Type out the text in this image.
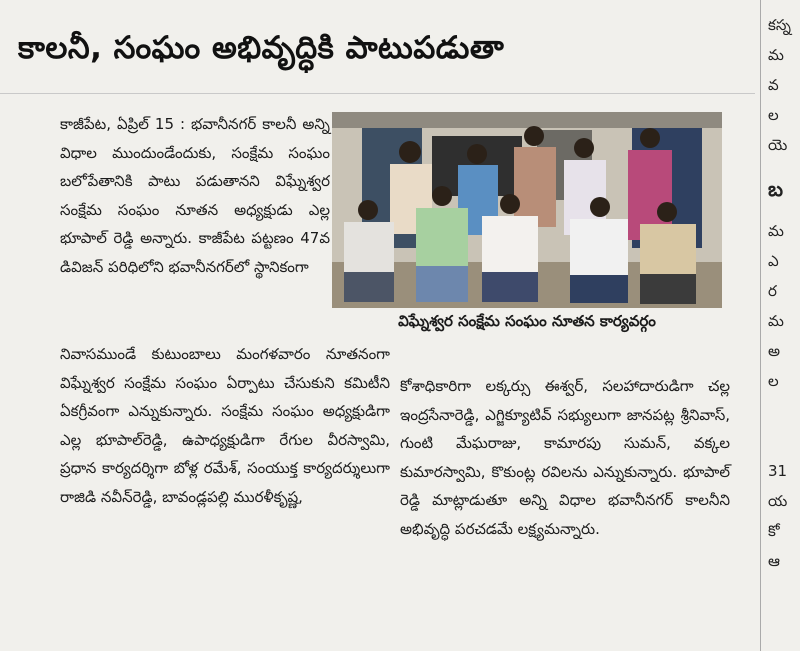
కాలనీ, సంఘం అభివృద్ధికి పాటుపడుతా

కాజీపేట, ఏప్రిల్ 15 : భవానీనగర్ కాలనీ అన్ని విధాల ముందుండేందుకు, సంక్షేమ సంఘం బలోపేతానికి పాటు పడుతానని విఘ్నేశ్వర సంక్షేమ సంఘం నూతన అధ్యక్షుడు ఎల్ల భూపాల్ రెడ్డి అన్నారు. కాజీపేట పట్టణం 47వ డివిజన్ పరిధిలోని భవానీనగర్‌లో స్థానికంగా

విఘ్నేశ్వర సంక్షేమ సంఘం నూతన కార్యవర్గం

నివాసముండే కుటుంబాలు మంగళవారం నూతనంగా విఘ్నేశ్వర సంక్షేమ సంఘం ఏర్పాటు చేసుకుని కమిటీని ఏకగ్రీవంగా ఎన్నుకున్నారు. సంక్షేమ సంఘం అధ్యక్షుడిగా ఎల్ల భూపాల్‌రెడ్డి, ఉపాధ్యక్షుడిగా రేగుల వీరస్వామి, ప్రధాన కార్యదర్శిగా బోళ్ల రమేశ్, సంయుక్త కార్యదర్శులుగా రాజిడి నవీన్‌రెడ్డి, బావండ్లపల్లి మురళీకృష్ణ,

కోశాధికారిగా లక్కర్సు ఈశ్వర్, సలహాదారుడిగా చల్ల ఇంద్రసేనారెడ్డి, ఎగ్జిక్యూటివ్ సభ్యులుగా జానపట్ల శ్రీనివాస్, గుంటి మేఘరాజు, కామారపు సుమన్, వక్కల కుమారస్వామి, కొకుంట్ల రవిలను ఎన్నుకున్నారు. భూపాల్ రెడ్డి మాట్లాడుతూ అన్ని విధాల భవానీనగర్ కాలనీని అభివృద్ధి పరచడమే లక్ష్యమన్నారు.

కస్న
మ
వ
ల
యె
బ
మ
ఎ
ర
మ
అ
ల
31
య
కో
ఆ
